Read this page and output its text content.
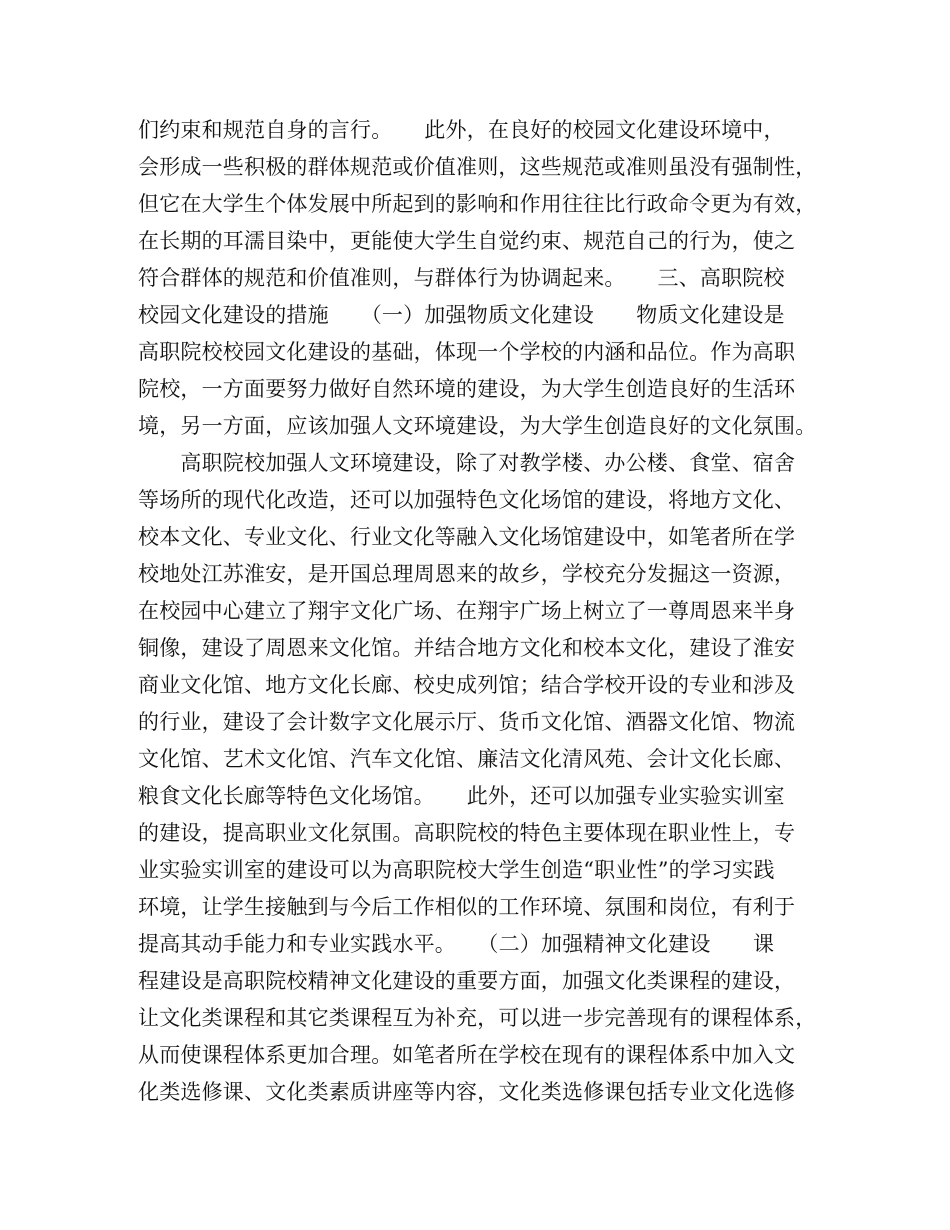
们约束和规范自身的言行。　　此外，在良好的校园文化建设环境中，
会形成一些积极的群体规范或价值准则，这些规范或准则虽没有强制性，
但它在大学生个体发展中所起到的影响和作用往往比行政命令更为有效，
在长期的耳濡目染中，更能使大学生自觉约束、规范自己的行为，使之
符合群体的规范和价值准则，与群体行为协调起来。　　三、高职院校
校园文化建设的措施　　（一）加强物质文化建设　　物质文化建设是
高职院校校园文化建设的基础，体现一个学校的内涵和品位。作为高职
院校，一方面要努力做好自然环境的建设，为大学生创造良好的生活环
境，另一方面，应该加强人文环境建设，为大学生创造良好的文化氛围。
　　高职院校加强人文环境建设，除了对教学楼、办公楼、食堂、宿舍
等场所的现代化改造，还可以加强特色文化场馆的建设，将地方文化、
校本文化、专业文化、行业文化等融入文化场馆建设中，如笔者所在学
校地处江苏淮安，是开国总理周恩来的故乡，学校充分发掘这一资源，
在校园中心建立了翔宇文化广场、在翔宇广场上树立了一尊周恩来半身
铜像，建设了周恩来文化馆。并结合地方文化和校本文化，建设了淮安
商业文化馆、地方文化长廊、校史成列馆；结合学校开设的专业和涉及
的行业，建设了会计数字文化展示厅、货币文化馆、酒器文化馆、物流
文化馆、艺术文化馆、汽车文化馆、廉洁文化清风苑、会计文化长廊、
粮食文化长廊等特色文化场馆。　　此外，还可以加强专业实验实训室
的建设，提高职业文化氛围。高职院校的特色主要体现在职业性上，专
业实验实训室的建设可以为高职院校大学生创造“职业性”的学习实践
环境，让学生接触到与今后工作相似的工作环境、氛围和岗位，有利于
提高其动手能力和专业实践水平。　　（二）加强精神文化建设　　课
程建设是高职院校精神文化建设的重要方面，加强文化类课程的建设，
让文化类课程和其它类课程互为补充，可以进一步完善现有的课程体系，
从而使课程体系更加合理。如笔者所在学校在现有的课程体系中加入文
化类选修课、文化类素质讲座等内容，文化类选修课包括专业文化选修
